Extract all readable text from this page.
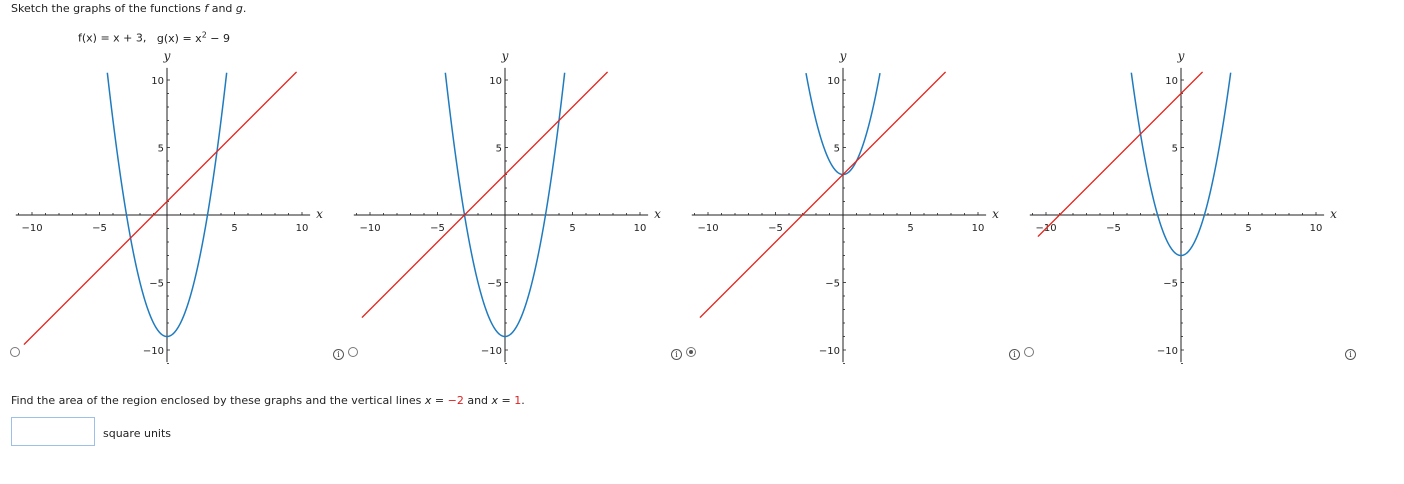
Sketch the graphs of the functions f and g.
f(x) = x + 3, $g(x) = x^2 - 9$
−10	−5	5	10
10
5
−5
−10
x
y
−10	−5	5	10
10
5
−5
−10
x
y
−10	−5	5	10
10
5
−5
−10
x
y
−10	−5	5	10
10
5
−5
−10
x
y
i	i	i	i
Find the area of the region enclosed by these graphs and the vertical lines x = −2 and x = 1.
square units
